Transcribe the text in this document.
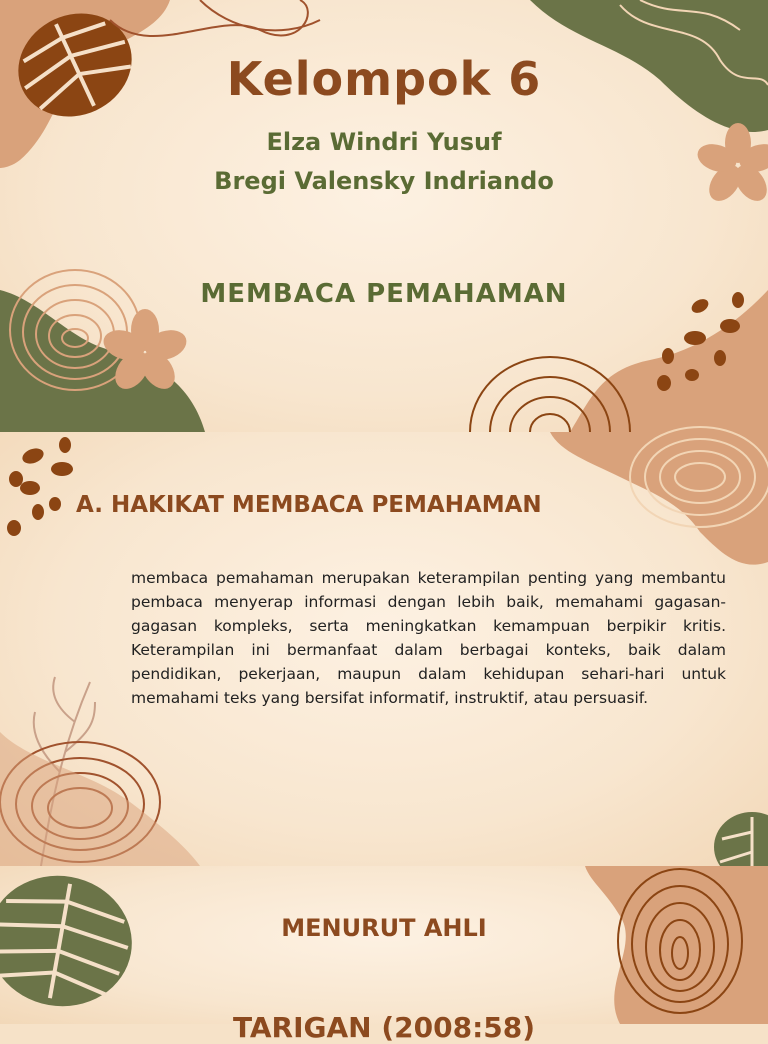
Kelompok 6

Elza Windri Yusuf

Bregi Valensky Indriando

MEMBACA PEMAHAMAN
A. HAKIKAT MEMBACA PEMAHAMAN

membaca pemahaman merupakan keterampilan penting yang membantu pembaca menyerap informasi dengan lebih baik, memahami gagasan-gagasan kompleks, serta meningkatkan kemampuan berpikir kritis. Keterampilan ini bermanfaat dalam berbagai konteks, baik dalam pendidikan, pekerjaan, maupun dalam kehidupan sehari-hari untuk memahami teks yang bersifat informatif, instruktif, atau persuasif.

MENURUT AHLI
TARIGAN (2008:58)
